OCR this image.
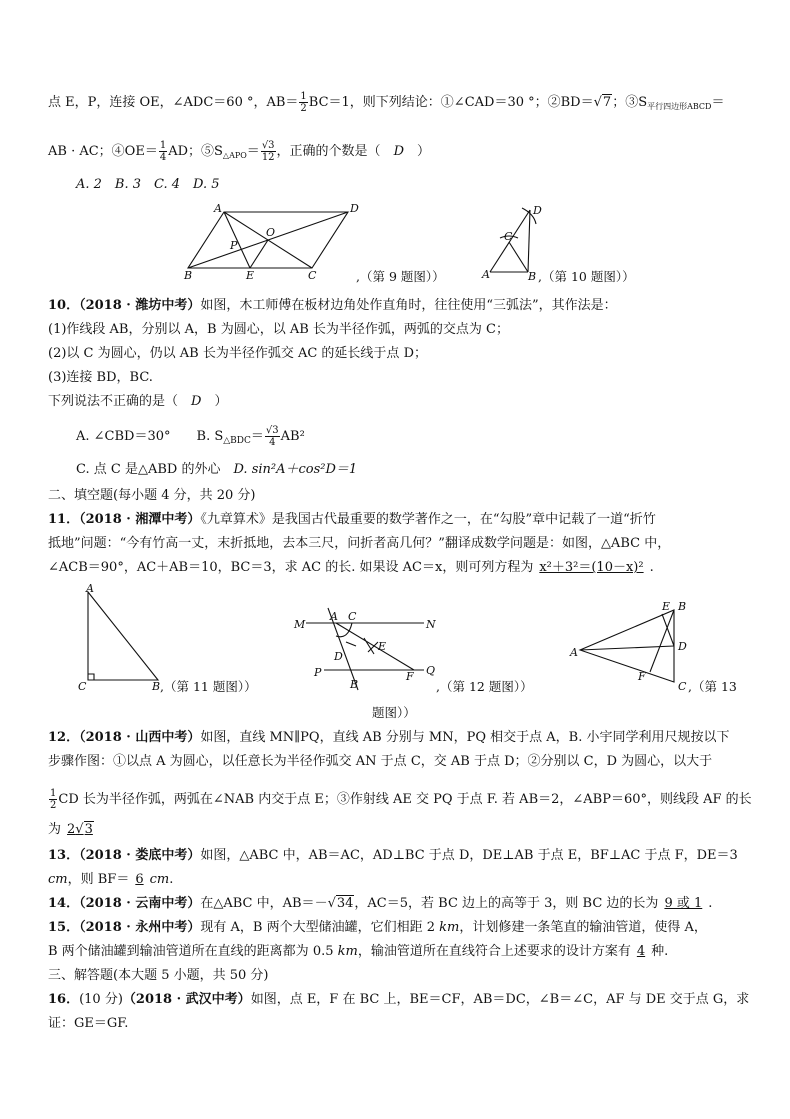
点 E，P，连接 OE，∠ADC＝60 °，$AB= \frac{1}{2} BC=1$，则下列结论：①∠CAD＝30 °；②BD＝√7；$③S_{平行四边形ABCD}=$
AB · AC；④OE＝ $\frac{1}{4}$ AD；$⑤S_{\triangle APO}= \frac{√3}{12}$ ，正确的个数是（　D　）
A. 2　B. 3　C. 4　D. 5
A	D
P
O
B	E	C	,（第 9 题图））
D
C
A	B ,（第 10 题图））
10．（2018 · 潍坊中考）如图，木工师傅在板材边角处作直角时，往往使用“三弧法”，其作法是：
(1)作线段 AB，分别以 A，B 为圆心，以 AB 长为半径作弧，两弧的交点为 C；
(2)以 C 为圆心，仍以 AB 长为半径作弧交 AC 的延长线于点 D；
(3)连接 BD，BC.
下列说法不正确的是（　D　）
A. ∠CBD＝30°　　B. $S_{\triangle BDC}= \frac{√3}{4} AB^2$
C. 点 C 是△ABD 的外心　D. sin²A＋cos²D＝1
二、填空题(每小题 4 分，共 20 分)
11．（2018 · 湘潭中考）《九章算术》是我国古代最重要的数学著作之一，在“勾股”章中记载了一道“折竹
抵地”问题：“今有竹高一丈，末折抵地，去本三尺，问折者高几何？”翻译成数学问题是：如图，△ABC 中，
∠ACB＝90°，AC＋AB＝10，BC＝3，求 AC 的长. 如果设 AC＝x，则可列方程为 x²＋3²＝(10－x)² .
A
C	B ,（第 11 题图））
M
A
N
C
E
D
P
B
F Q
,（第 12 题图））
E B
A	D
F
C ,（第 13
题图））
12．（2018 · 山西中考）如图，直线 MN∥PQ，直线 AB 分别与 MN，PQ 相交于点 A，B. 小宇同学利用尺规按以下
步骤作图：①以点 A 为圆心，以任意长为半径作弧交 AN 于点 C，交 AB 于点 D；②分别以 C，D 为圆心，以大于
$\frac{1}{2}$ CD 长为半径作弧，两弧在∠NAB 内交于点 E；③作射线 AE 交 PQ 于点 F. 若 AB＝2，∠ABP＝60°，则线段 AF 的长
为 2√3
13．（2018 · 娄底中考）如图，△ABC 中，AB＝AC，AD⊥BC 于点 D，DE⊥AB 于点 E，BF⊥AC 于点 F，DE＝3
cm，则 BF＝ 6 cm.
14．（2018 · 云南中考）在△ABC 中，AB＝－√34，AC＝5，若 BC 边上的高等于 3，则 BC 边的长为 9 或 1 .
15．（2018 · 永州中考）现有 A，B 两个大型储油罐，它们相距 2 km，计划修建一条笔直的输油管道，使得 A，
B 两个储油罐到输油管道所在直线的距离都为 0.5 km，输油管道所在直线符合上述要求的设计方案有 4 种.
三、解答题(本大题 5 小题，共 50 分)
16．(10 分)（2018 · 武汉中考）如图，点 E，F 在 BC 上，BE＝CF，AB＝DC，∠B＝∠C，AF 与 DE 交于点 G，求
证：GE＝GF.
